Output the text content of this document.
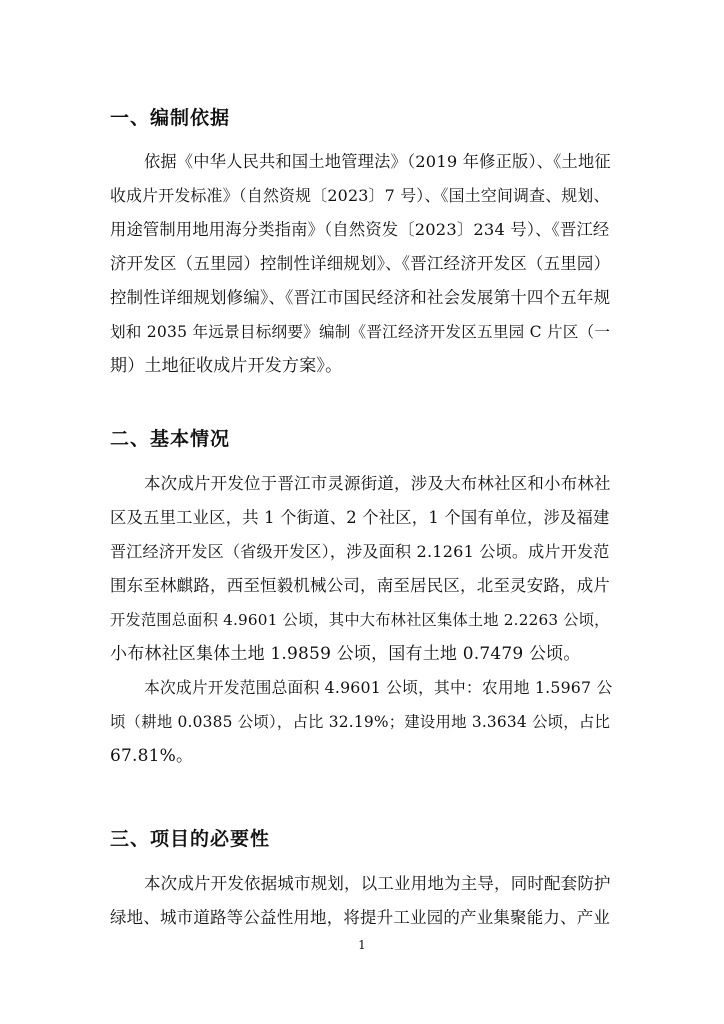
一、编制依据
依据《中华人民共和国土地管理法》（2019 年修正版）、《土地征
收成片开发标准》（自然资规〔2023〕7 号）、《国土空间调查、规划、
用途管制用地用海分类指南》（自然资发〔2023〕234 号）、《晋江经
济开发区（五里园）控制性详细规划》、《晋江经济开发区（五里园）
控制性详细规划修编》、《晋江市国民经济和社会发展第十四个五年规
划和 2035 年远景目标纲要》编制《晋江经济开发区五里园 C 片区（一
期）土地征收成片开发方案》。
二、基本情况
本次成片开发位于晋江市灵源街道，涉及大布林社区和小布林社
区及五里工业区，共 1 个街道、2 个社区，1 个国有单位，涉及福建
晋江经济开发区（省级开发区），涉及面积 2.1261 公顷。成片开发范
围东至林麒路，西至恒毅机械公司，南至居民区，北至灵安路，成片
开发范围总面积 4.9601 公顷，其中大布林社区集体土地 2.2263 公顷，
小布林社区集体土地 1.9859 公顷，国有土地 0.7479 公顷。
本次成片开发范围总面积 4.9601 公顷，其中：农用地 1.5967 公
顷（耕地 0.0385 公顷），占比 32.19%；建设用地 3.3634 公顷，占比
67.81%。
三、项目的必要性
本次成片开发依据城市规划，以工业用地为主导，同时配套防护
绿地、城市道路等公益性用地，将提升工业园的产业集聚能力、产业
1
